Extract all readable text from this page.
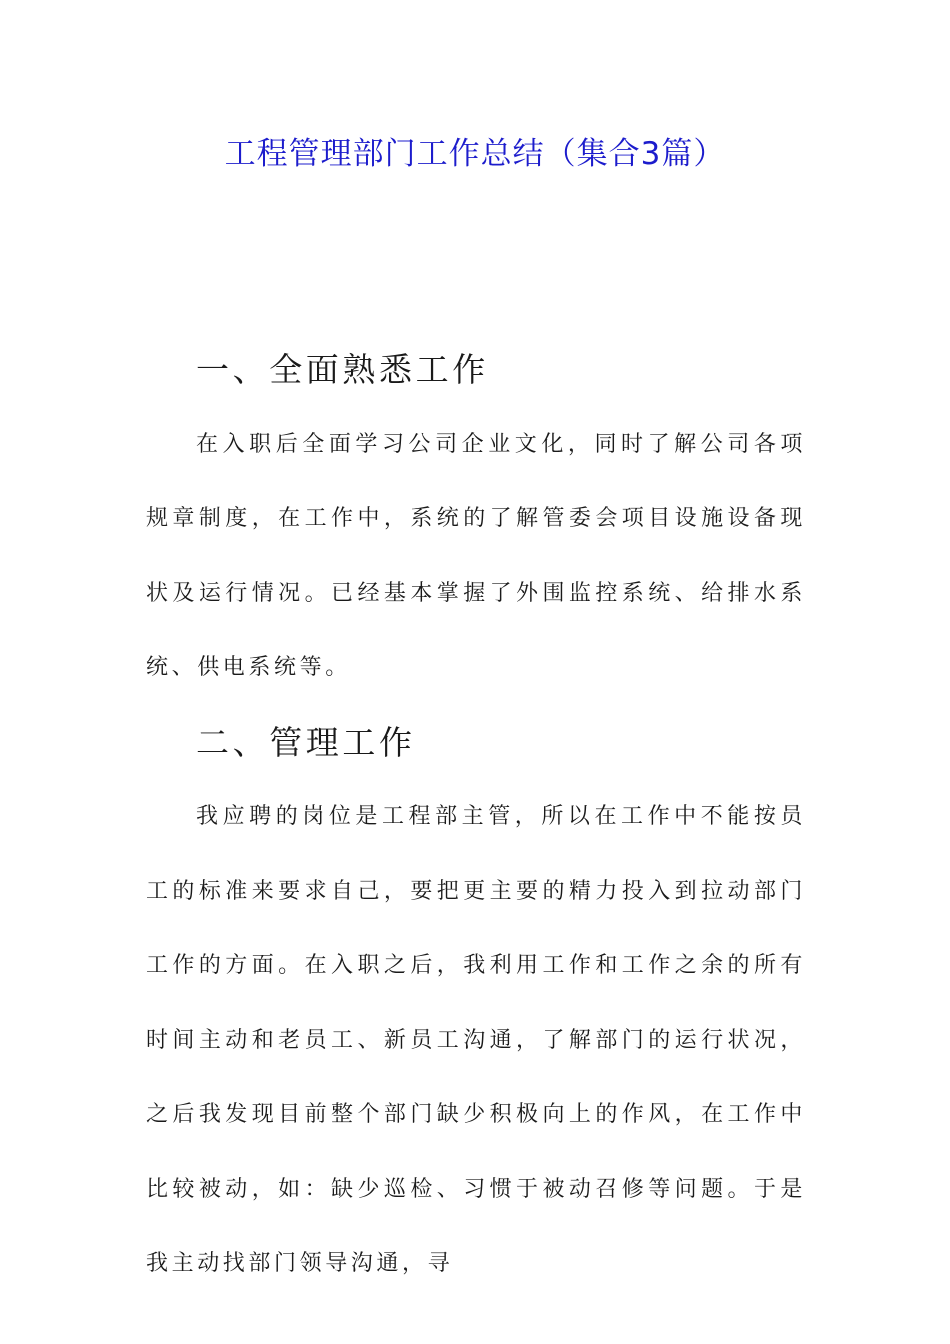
工程管理部门工作总结（集合3篇）
一、全面熟悉工作

在入职后全面学习公司企业文化，同时了解公司各项规章制度，在工作中，系统的了解管委会项目设施设备现状及运行情况。已经基本掌握了外围监控系统、给排水系统、供电系统等。

二、管理工作

我应聘的岗位是工程部主管，所以在工作中不能按员工的标准来要求自己，要把更主要的精力投入到拉动部门工作的方面。在入职之后，我利用工作和工作之余的所有时间主动和老员工、新员工沟通，了解部门的运行状况，之后我发现目前整个部门缺少积极向上的作风，在工作中比较被动，如：缺少巡检、习惯于被动召修等问题。于是我主动找部门领导沟通，寻
